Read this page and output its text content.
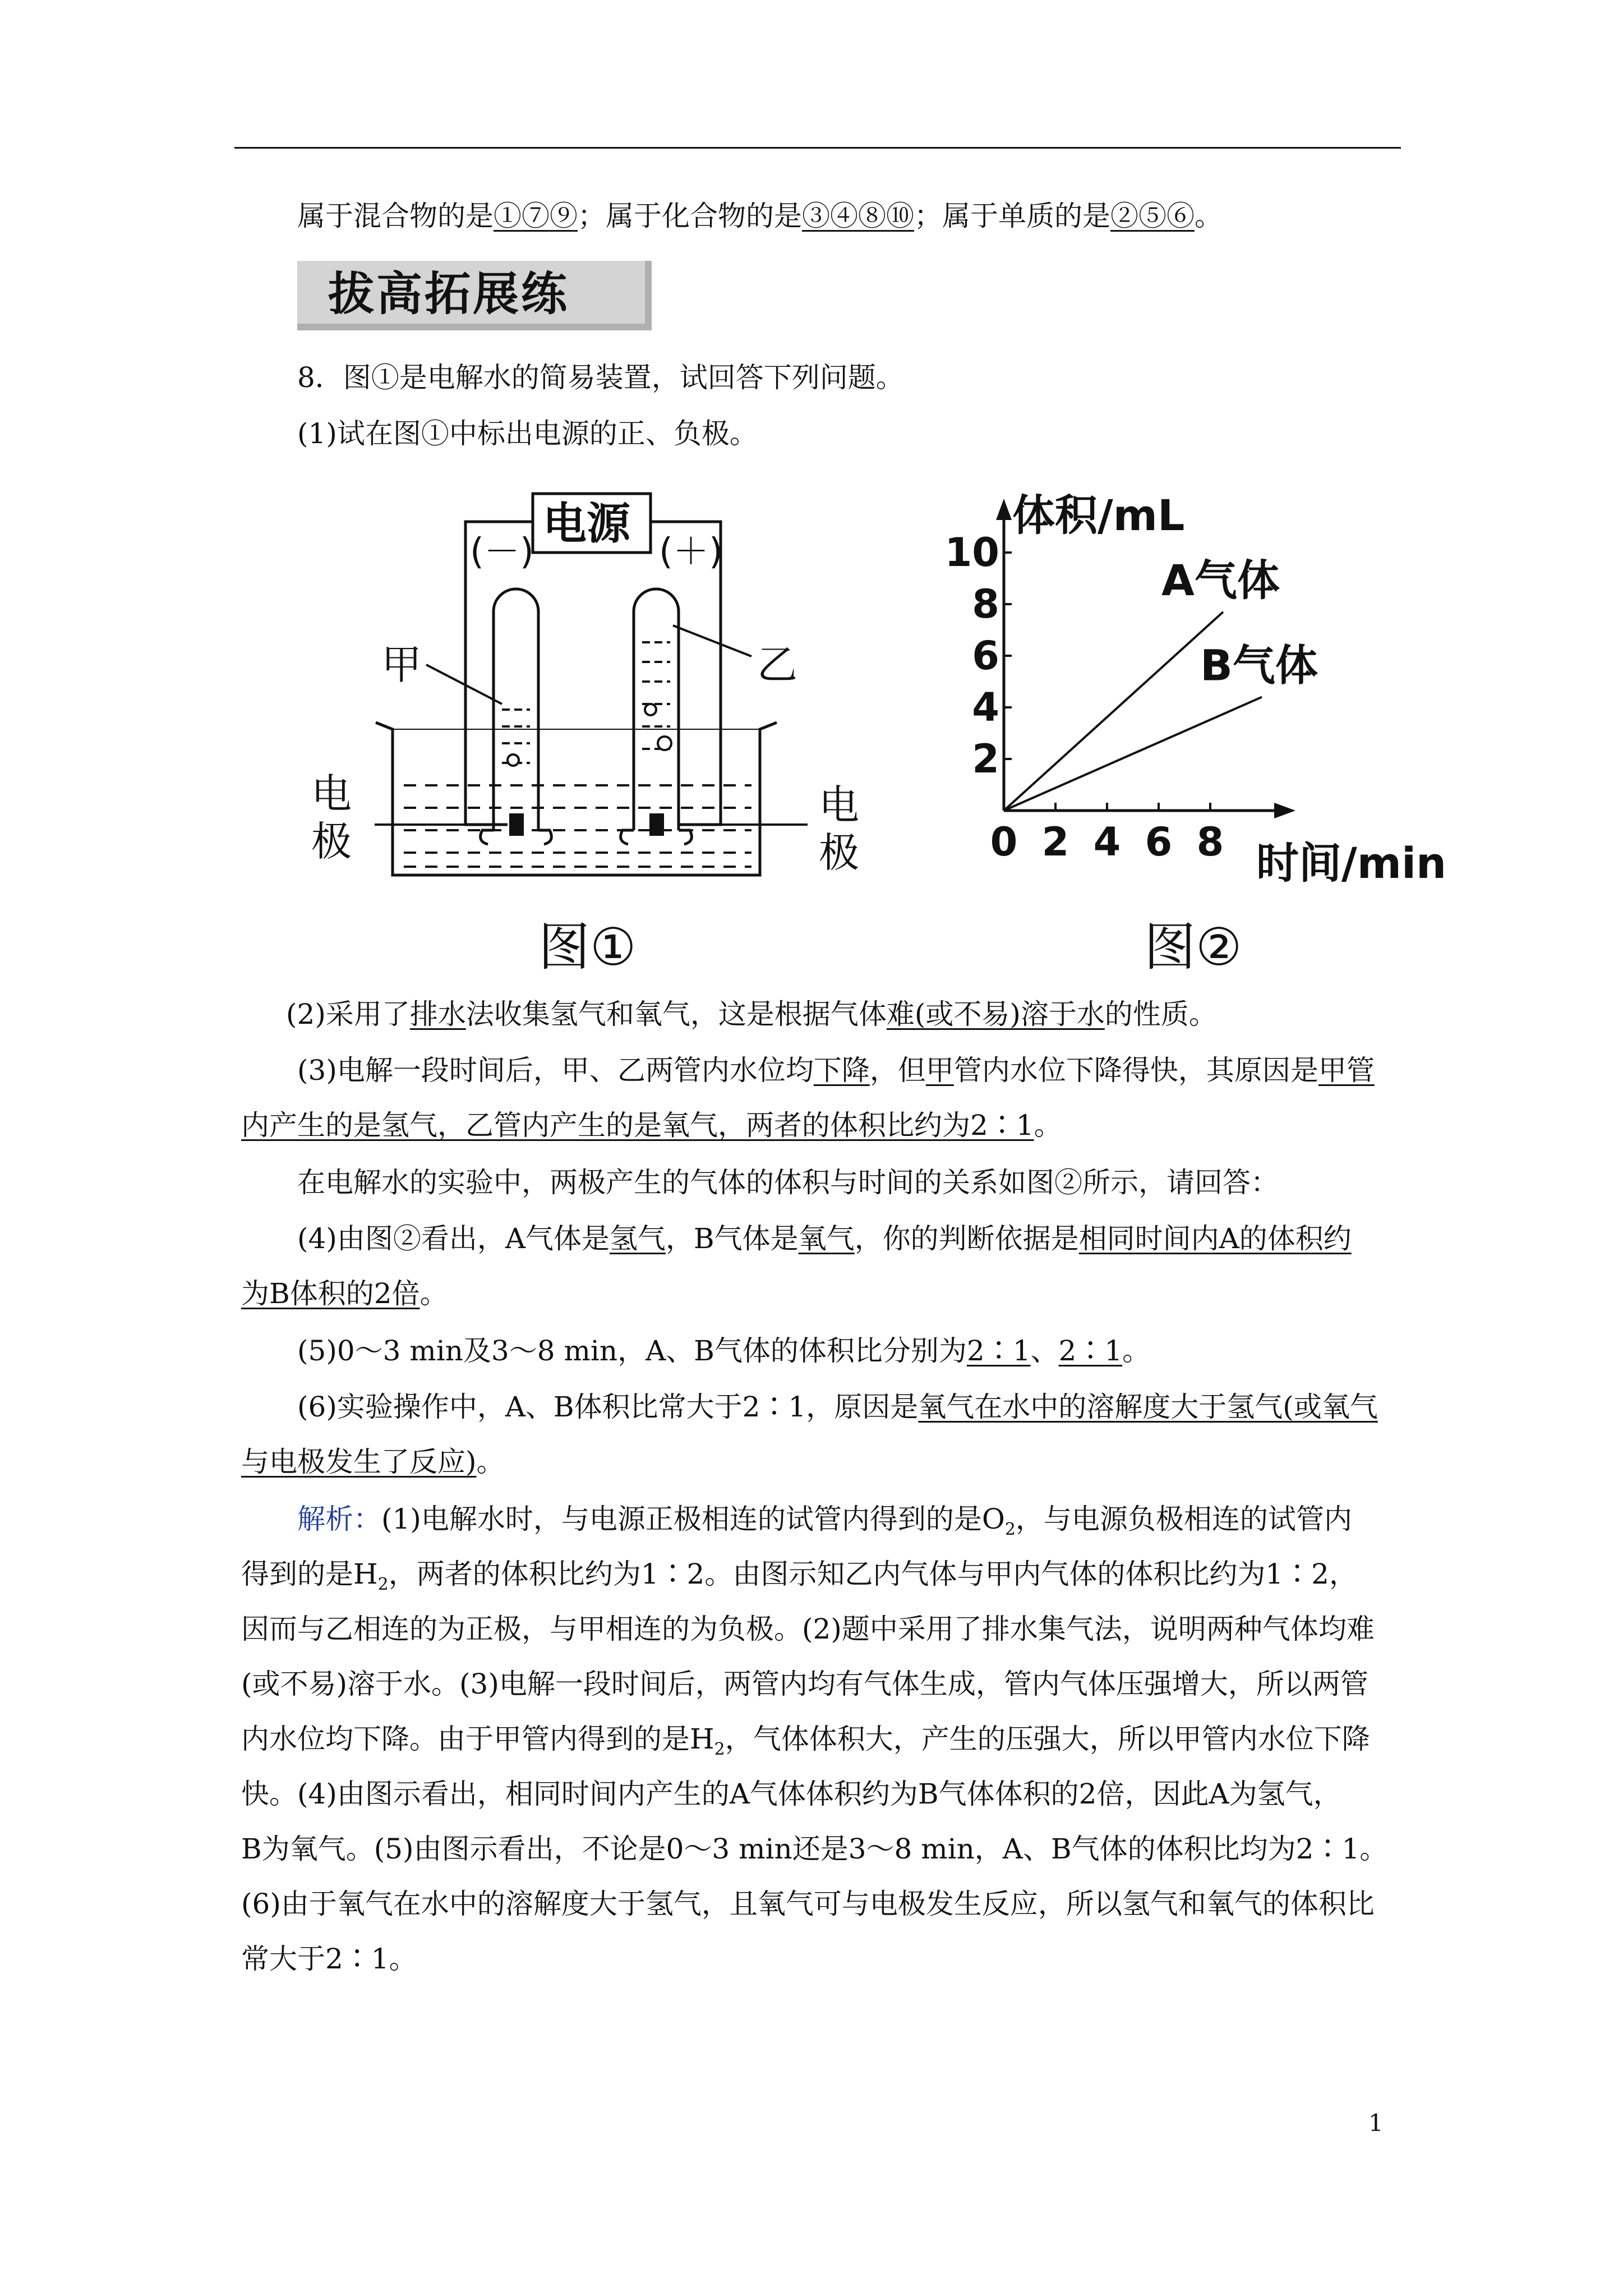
属于混合物的是①⑦⑨；属于化合物的是③④⑧⑩；属于单质的是②⑤⑥。
拔高拓展练
8．图①是电解水的简易装置，试回答下列问题。
(1)试在图①中标出电源的正、负极。
电源
(－)	(＋)
甲	乙
电
极
电
极
图①
0 2 4 6 8
2
4
6
8
10
A气体
B气体
体积/mL
时间/min
图②
(2)采用了排水法收集氢气和氧气，这是根据气体难(或不易)溶于水的性质。
(3)电解一段时间后，甲、乙两管内水位均下降，但甲管内水位下降得快，其原因是甲管
内产生的是氢气，乙管内产生的是氧气，两者的体积比约为2∶1。
在电解水的实验中，两极产生的气体的体积与时间的关系如图②所示，请回答：
(4)由图②看出，A气体是氢气，B气体是氧气，你的判断依据是相同时间内A的体积约
为B体积的2倍。
(5)0～3 min及3～8 min，A、B气体的体积比分别为2∶1、2∶1。
(6)实验操作中，A、B体积比常大于2∶1，原因是氧气在水中的溶解度大于氢气(或氧气
与电极发生了反应)。
解析：(1)电解水时，与电源正极相连的试管内得到的是$O_2$，与电源负极相连的试管内
得到的是$H_2$，两者的体积比约为1∶2。由图示知乙内气体与甲内气体的体积比约为1∶2，
因而与乙相连的为正极，与甲相连的为负极。(2)题中采用了排水集气法，说明两种气体均难
(或不易)溶于水。(3)电解一段时间后，两管内均有气体生成，管内气体压强增大，所以两管
内水位均下降。由于甲管内得到的是$H_2$，气体体积大，产生的压强大，所以甲管内水位下降
快。(4)由图示看出，相同时间内产生的A气体体积约为B气体体积的2倍，因此A为氢气，
B为氧气。(5)由图示看出，不论是0～3 min还是3～8 min，A、B气体的体积比均为2∶1。
(6)由于氧气在水中的溶解度大于氢气，且氧气可与电极发生反应，所以氢气和氧气的体积比
常大于2∶1。
1
